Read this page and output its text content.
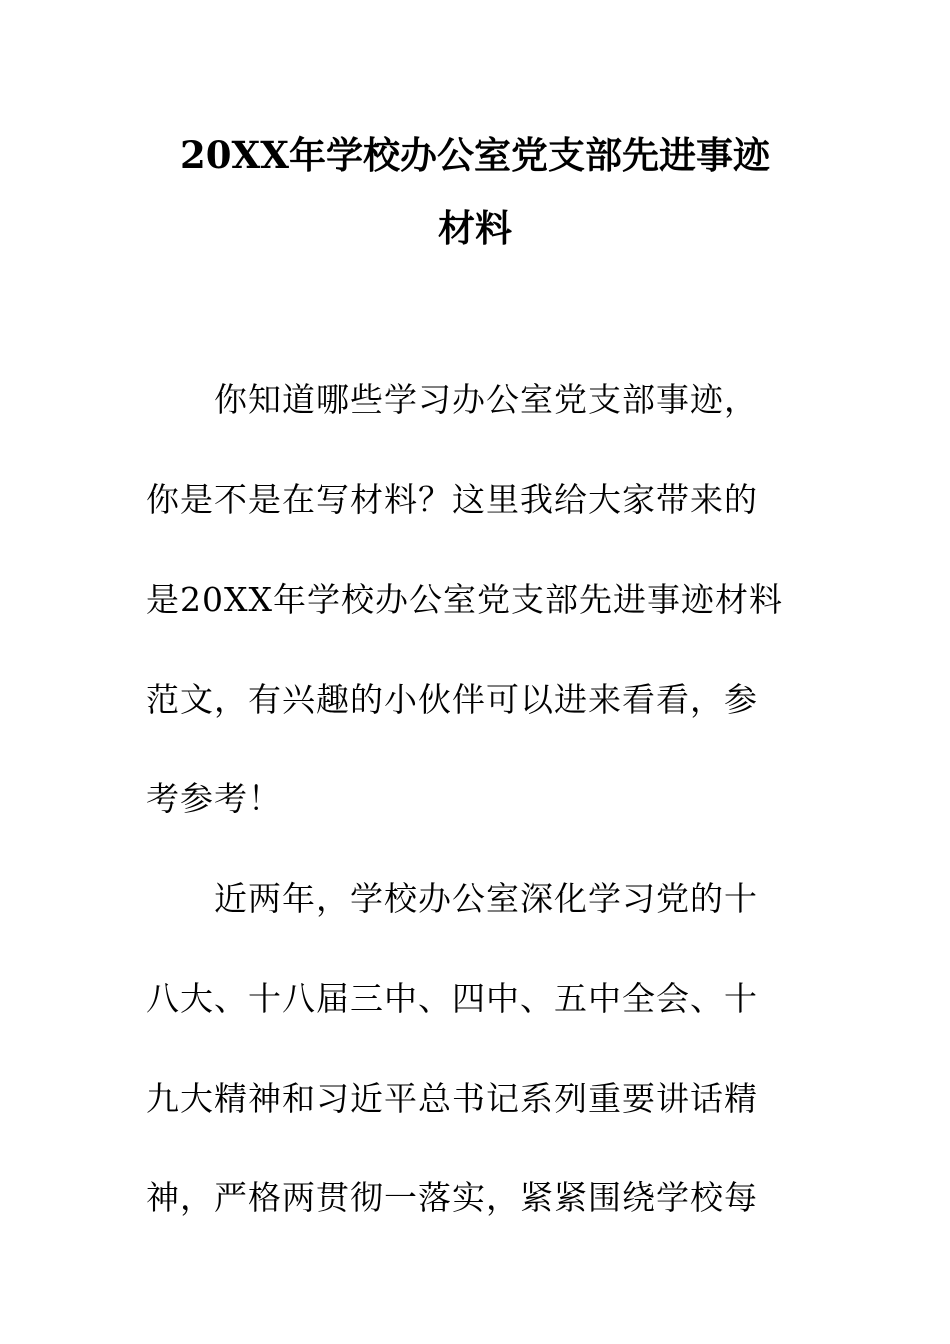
20XX年学校办公室党支部先进事迹
材料
你知道哪些学习办公室党支部事迹，
你是不是在写材料？这里我给大家带来的
是20XX年学校办公室党支部先进事迹材料
范文，有兴趣的小伙伴可以进来看看，参
考参考！
近两年，学校办公室深化学习党的十
八大、十八届三中、四中、五中全会、十
九大精神和习近平总书记系列重要讲话精
神，严格两贯彻一落实，紧紧围绕学校每
